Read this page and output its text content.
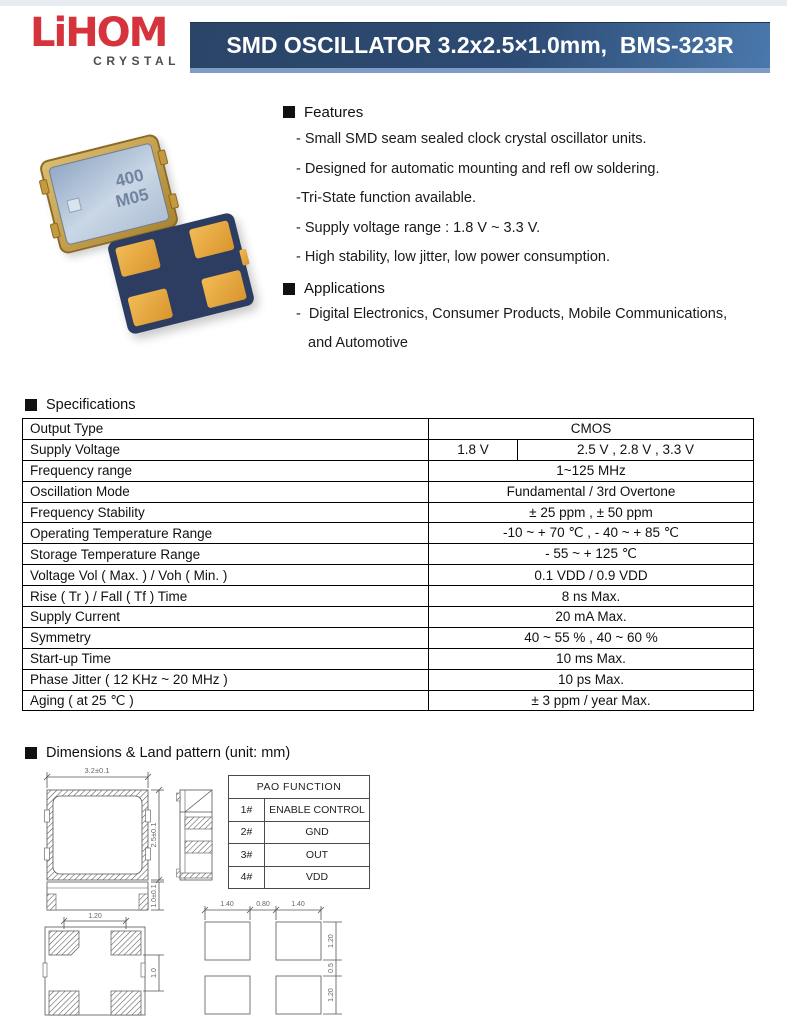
LiHOM
CRYSTAL
SMD OSCILLATOR 3.2x2.5×1.0mm,  BMS-323R
400
M05
Features
- Small SMD seam sealed clock crystal oscillator units.
- Designed for automatic mounting and refl ow soldering.
-Tri-State function available.
- Supply voltage range : 1.8 V ~ 3.3 V.
- High stability, low jitter, low power consumption.
Applications
-  Digital Electronics, Consumer Products, Mobile Communications,
and Automotive
Specifications
Output Type	CMOS	
Supply Voltage	1.8 V	2.5 V , 2.8 V , 3.3 V
Frequency range	1~125 MHz	
Oscillation Mode	Fundamental / 3rd Overtone	
Frequency Stability	± 25 ppm , ± 50 ppm	
Operating Temperature Range	-10 ~ + 70 ℃ , - 40 ~ + 85 ℃	
Storage Temperature Range	- 55 ~ + 125 ℃	
Voltage Vol ( Max. ) / Voh ( Min. )	0.1 VDD / 0.9 VDD	
Rise ( Tr ) / Fall ( Tf ) Time	8 ns Max.	
Supply Current	20 mA Max.	
Symmetry	40 ~ 55 % , 40 ~ 60 %	
Start-up Time	10 ms Max.	
Phase Jitter ( 12 KHz ~ 20 MHz )	10 ps Max.	
Aging ( at 25 ℃ )	± 3 ppm / year Max.	
Dimensions & Land pattern (unit: mm)
3.2±0.1
2.5±0.1
1.0±0.1
1.20
1.0
1.40	0.80	1.40
1.20
0.5
1.20
PAO FUNCTION	
1#	ENABLE CONTROL
2#	GND
3#	OUT
4#	VDD
